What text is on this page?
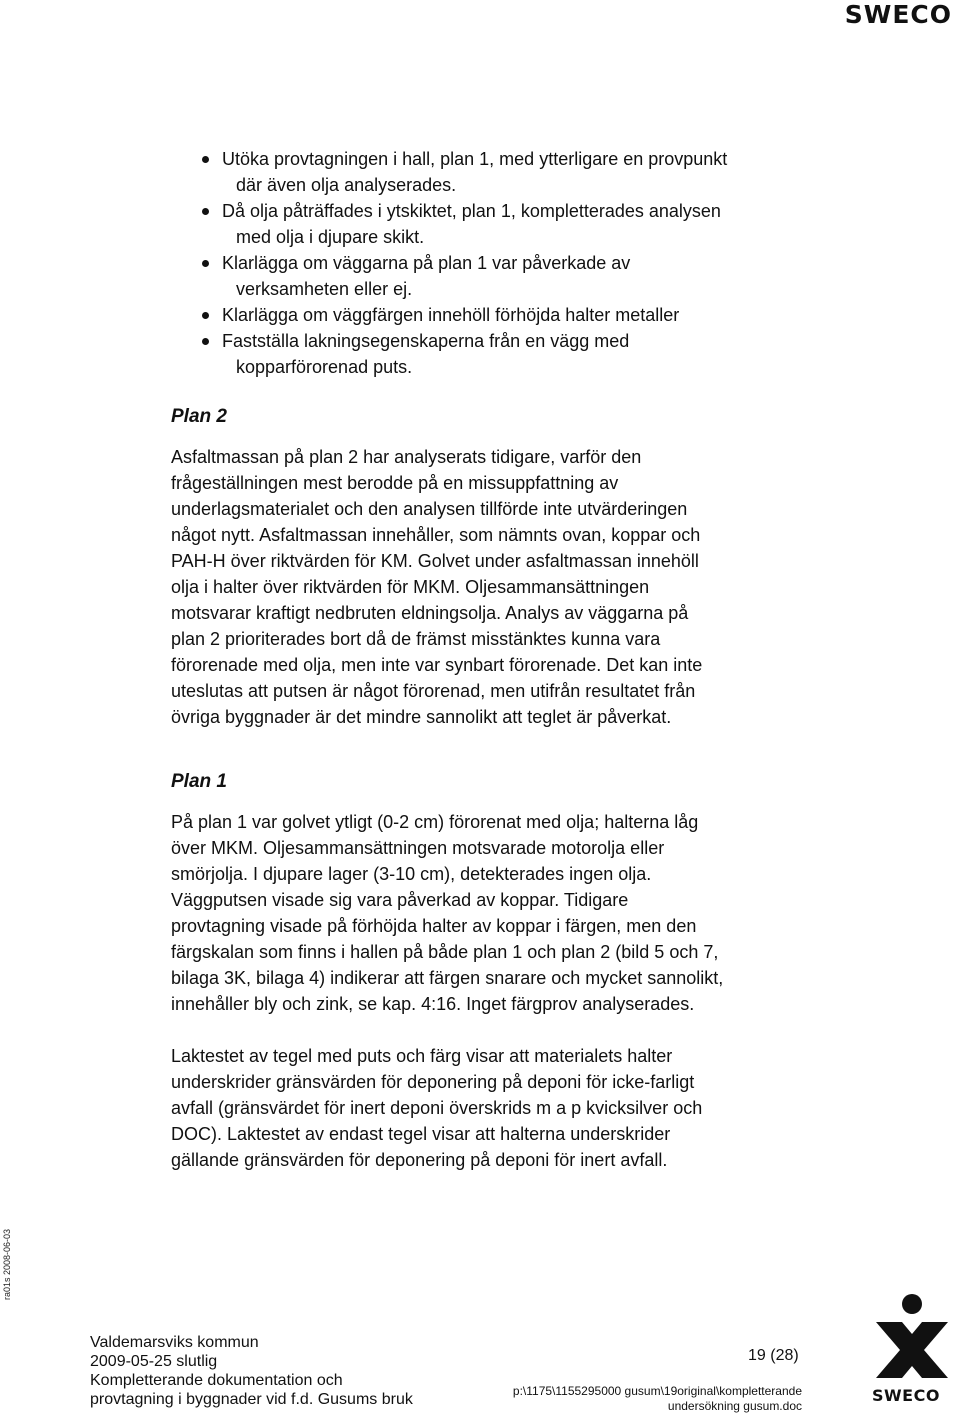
SWECO
Utöka provtagningen i hall, plan 1, med ytterligare en provpunkt
där även olja analyserades.
Då olja påträffades i ytskiktet, plan 1, kompletterades analysen
med olja i djupare skikt.
Klarlägga om väggarna på plan 1 var påverkade av
verksamheten eller ej.
Klarlägga om väggfärgen innehöll förhöjda halter metaller
Fastställa lakningsegenskaperna från en vägg med
kopparförorenad puts.
Plan 2

Asfaltmassan på plan 2 har analyserats tidigare, varför den
frågeställningen mest berodde på en missuppfattning av
underlagsmaterialet och den analysen tillförde inte utvärderingen
något nytt. Asfaltmassan innehåller, som nämnts ovan, koppar och
PAH-H över riktvärden för KM. Golvet under asfaltmassan innehöll
olja i halter över riktvärden för MKM. Oljesammansättningen
motsvarar kraftigt nedbruten eldningsolja. Analys av väggarna på
plan 2 prioriterades bort då de främst misstänktes kunna vara
förorenade med olja, men inte var synbart förorenade. Det kan inte
uteslutas att putsen är något förorenad, men utifrån resultatet från
övriga byggnader är det mindre sannolikt att teglet är påverkat.

Plan 1

På plan 1 var golvet ytligt (0-2 cm) förorenat med olja; halterna låg
över MKM. Oljesammansättningen motsvarade motorolja eller
smörjolja. I djupare lager (3-10 cm), detekterades ingen olja.
Väggputsen visade sig vara påverkad av koppar. Tidigare
provtagning visade på förhöjda halter av koppar i färgen, men den
färgskalan som finns i hallen på både plan 1 och plan 2 (bild 5 och 7,
bilaga 3K, bilaga 4) indikerar att färgen snarare och mycket sannolikt,
innehåller bly och zink, se kap. 4:16. Inget färgprov analyserades.

Laktestet av tegel med puts och färg visar att materialets halter
underskrider gränsvärden för deponering på deponi för icke-farligt
avfall (gränsvärdet för inert deponi överskrids m a p kvicksilver och
DOC). Laktestet av endast tegel visar att halterna underskrider
gällande gränsvärden för deponering på deponi för inert avfall.

ra01s 2008-06-03
Valdemarsviks kommun
2009-05-25 slutlig
Kompletterande dokumentation och
provtagning i byggnader vid f.d. Gusums bruk
19 (28)
p:\1175\1155295000 gusum\19original\kompletterande
undersökning gusum.doc
SWECO
